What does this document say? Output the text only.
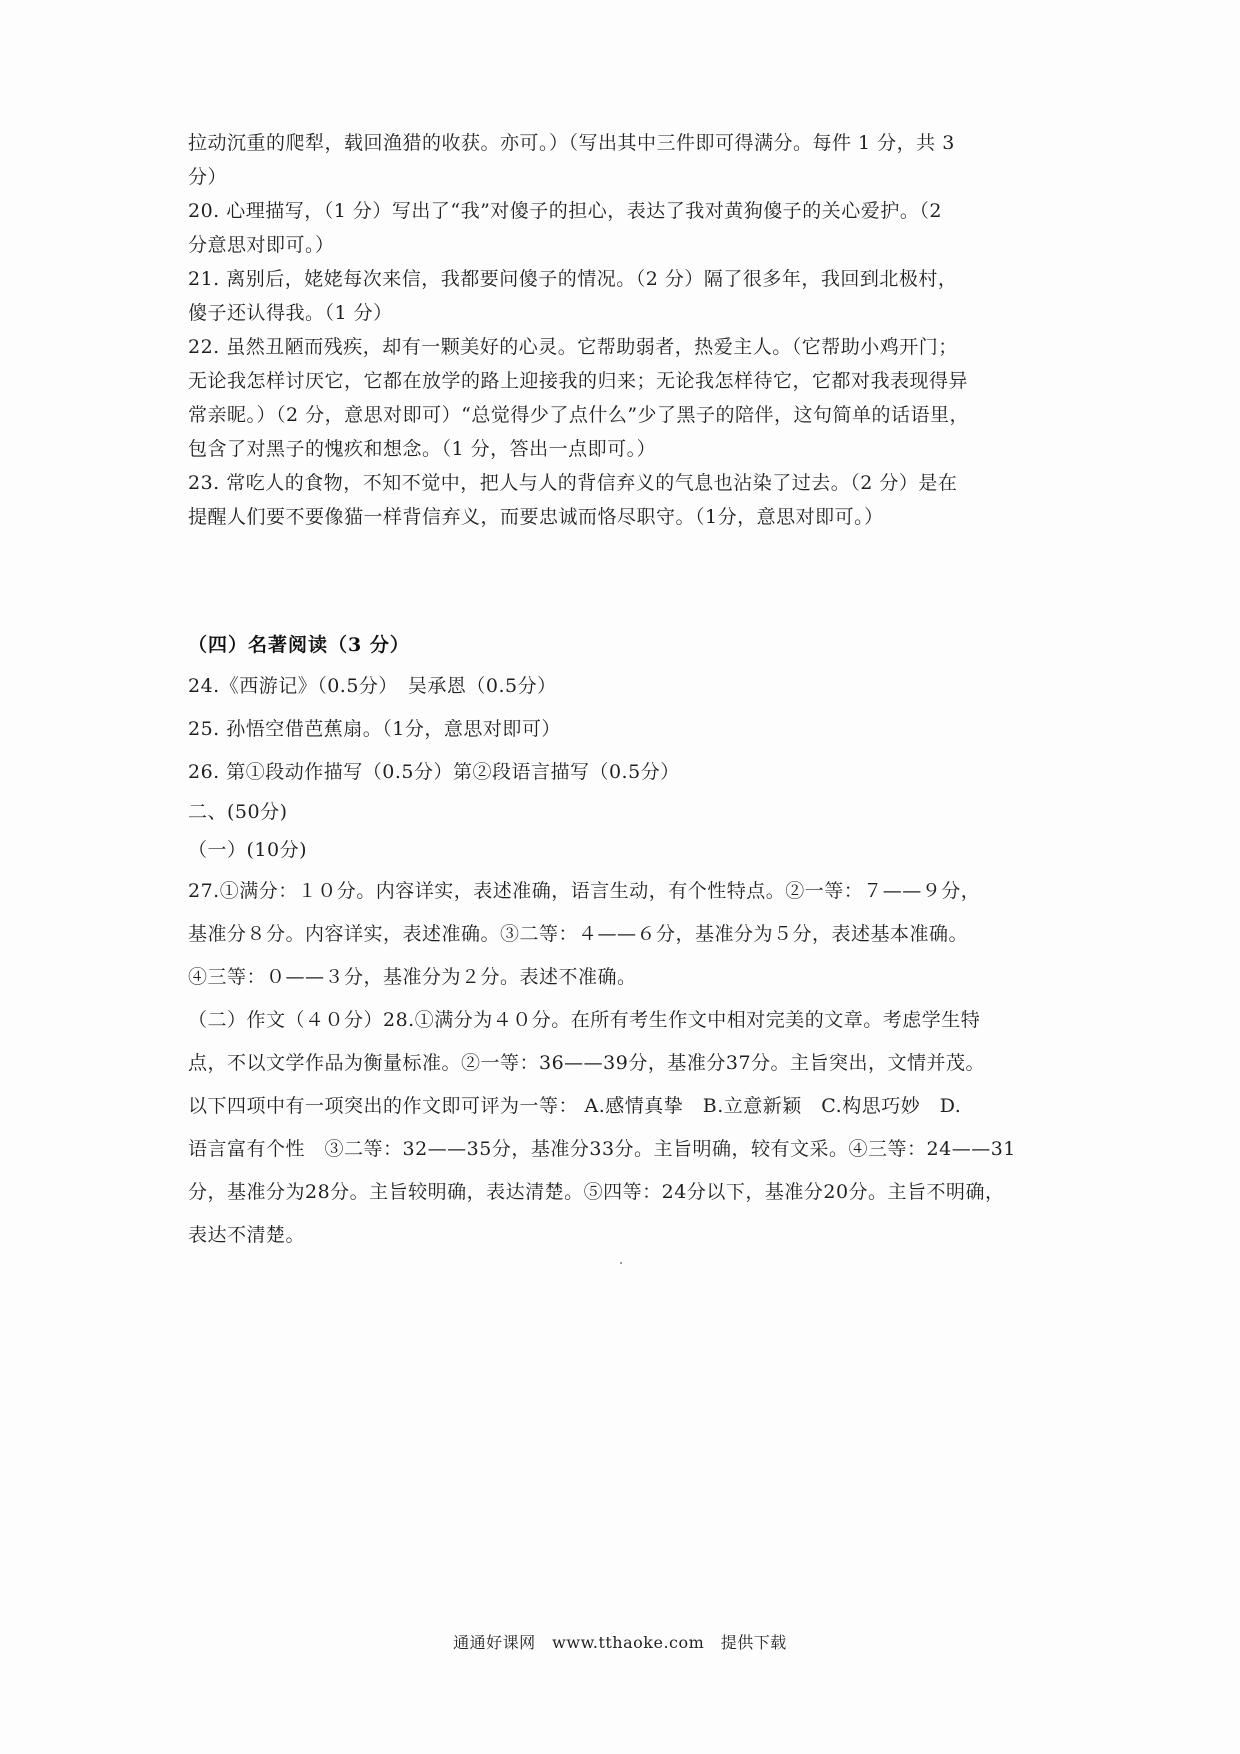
拉动沉重的爬犁，载回渔猎的收获。亦可。）（写出其中三件即可得满分。每件 1 分，共 3

分）

20. 心理描写，（1 分）写出了“我”对傻子的担心，表达了我对黄狗傻子的关心爱护。（2

分意思对即可。）

21. 离别后，姥姥每次来信，我都要问傻子的情况。（2 分）隔了很多年，我回到北极村，

傻子还认得我。（1 分）

22. 虽然丑陋而残疾，却有一颗美好的心灵。它帮助弱者，热爱主人。（它帮助小鸡开门；

无论我怎样讨厌它，它都在放学的路上迎接我的归来；无论我怎样待它，它都对我表现得异

常亲昵。）（2 分，意思对即可）“总觉得少了点什么”少了黑子的陪伴，这句简单的话语里，

包含了对黑子的愧疚和想念。（1 分，答出一点即可。）

23. 常吃人的食物，不知不觉中，把人与人的背信弃义的气息也沾染了过去。（2 分）是在

提醒人们要不要像猫一样背信弃义，而要忠诚而恪尽职守。（1分，意思对即可。）

（四）名著阅读（3 分）

24.《西游记》（0.5分）　吴承恩（0.5分）

25. 孙悟空借芭蕉扇。（1分，意思对即可）

26. 第①段动作描写（0.5分）第②段语言描写（0.5分）

二、(50分)

（一）(10分)

27.①满分：１０分。内容详实，表述准确，语言生动，有个性特点。②一等：７——９分，

基准分８分。内容详实，表述准确。③二等：４——６分，基准分为５分，表述基本准确。

④三等：０——３分，基准分为２分。表述不准确。

（二）作文（４０分）28.①满分为４０分。在所有考生作文中相对完美的文章。考虑学生特

点，不以文学作品为衡量标准。②一等：36——39分，基准分37分。主旨突出，文情并茂。

以下四项中有一项突出的作文即可评为一等： A.感情真挚　B.立意新颖　C.构思巧妙　D.

语言富有个性　③二等：32——35分，基准分33分。主旨明确，较有文采。④三等：24——31

分，基准分为28分。主旨较明确，表达清楚。⑤四等：24分以下，基准分20分。主旨不明确，

表达不清楚。

通通好课网　www.tthaoke.com　提供下载
